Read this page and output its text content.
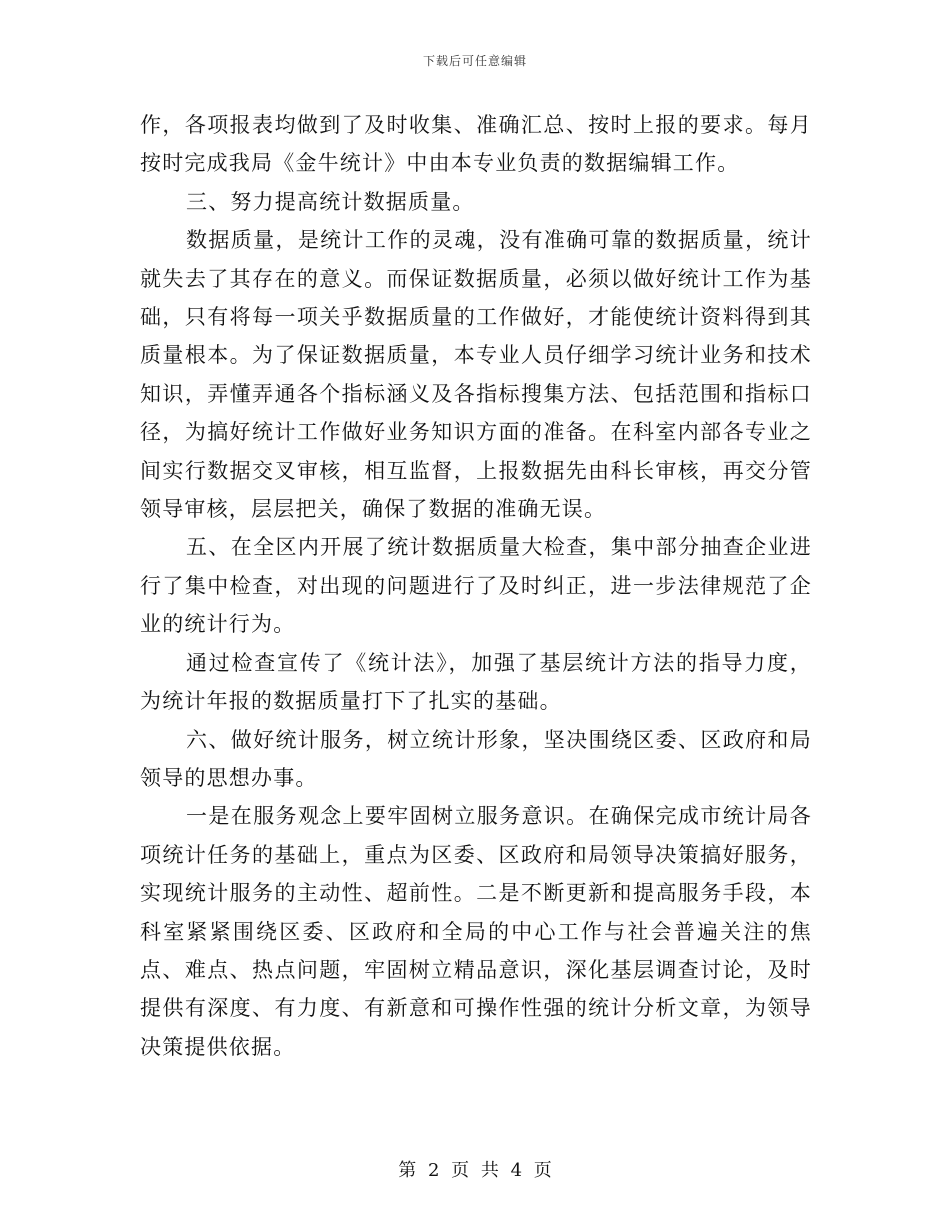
下载后可任意编辑

作，各项报表均做到了及时收集、准确汇总、按时上报的要求。每月按时完成我局《金牛统计》中由本专业负责的数据编辑工作。

三、努力提高统计数据质量。

数据质量，是统计工作的灵魂，没有准确可靠的数据质量，统计就失去了其存在的意义。而保证数据质量，必须以做好统计工作为基础，只有将每一项关乎数据质量的工作做好，才能使统计资料得到其质量根本。为了保证数据质量，本专业人员仔细学习统计业务和技术知识，弄懂弄通各个指标涵义及各指标搜集方法、包括范围和指标口径，为搞好统计工作做好业务知识方面的准备。在科室内部各专业之间实行数据交叉审核，相互监督，上报数据先由科长审核，再交分管领导审核，层层把关，确保了数据的准确无误。

五、在全区内开展了统计数据质量大检查，集中部分抽查企业进行了集中检查，对出现的问题进行了及时纠正，进一步法律规范了企业的统计行为。

通过检查宣传了《统计法》，加强了基层统计方法的指导力度，为统计年报的数据质量打下了扎实的基础。

六、做好统计服务，树立统计形象，坚决围绕区委、区政府和局领导的思想办事。

一是在服务观念上要牢固树立服务意识。在确保完成市统计局各项统计任务的基础上，重点为区委、区政府和局领导决策搞好服务，实现统计服务的主动性、超前性。二是不断更新和提高服务手段，本科室紧紧围绕区委、区政府和全局的中心工作与社会普遍关注的焦点、难点、热点问题，牢固树立精品意识，深化基层调查讨论，及时提供有深度、有力度、有新意和可操作性强的统计分析文章，为领导决策提供依据。

第 2 页 共 4 页
